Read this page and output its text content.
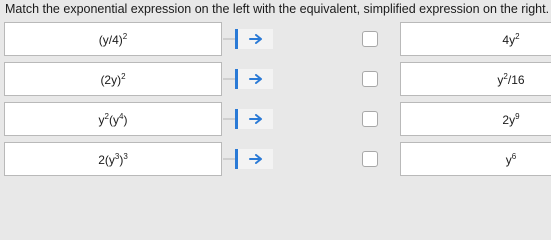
Match the exponential expression on the left with the equivalent, simplified expression on the right.
$(y/4)^2$	$4y^2$
$(2y)^2$	$y^2/16$
$y^2(y^4)$	$2y^9$
$2(y^3)^3$	$y^6$
